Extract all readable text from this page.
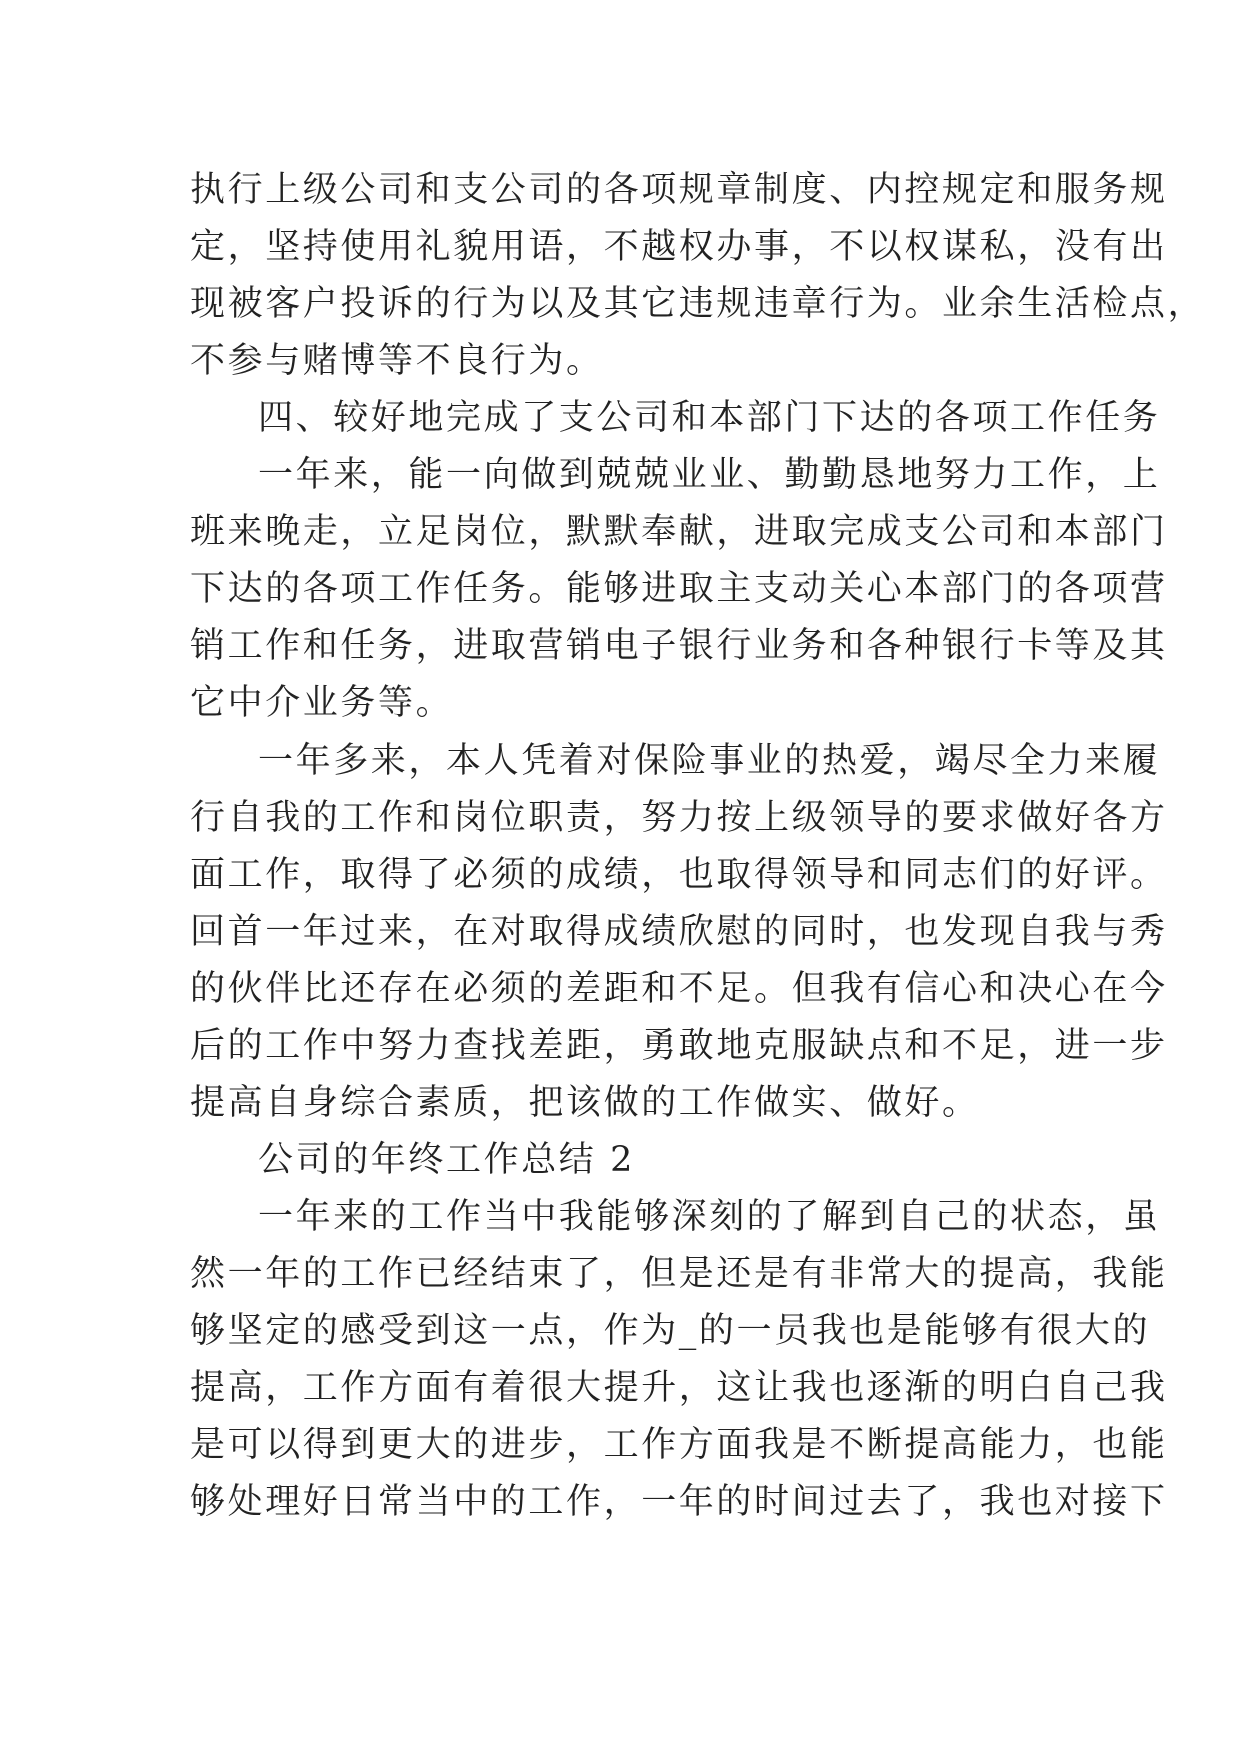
执行上级公司和支公司的各项规章制度、内控规定和服务规
定，坚持使用礼貌用语，不越权办事，不以权谋私，没有出
现被客户投诉的行为以及其它违规违章行为。业余生活检点，
不参与赌博等不良行为。
四、较好地完成了支公司和本部门下达的各项工作任务
一年来，能一向做到兢兢业业、勤勤恳地努力工作，上
班来晚走，立足岗位，默默奉献，进取完成支公司和本部门
下达的各项工作任务。能够进取主支动关心本部门的各项营
销工作和任务，进取营销电子银行业务和各种银行卡等及其
它中介业务等。
一年多来，本人凭着对保险事业的热爱，竭尽全力来履
行自我的工作和岗位职责，努力按上级领导的要求做好各方
面工作，取得了必须的成绩，也取得领导和同志们的好评。
回首一年过来，在对取得成绩欣慰的同时，也发现自我与秀
的伙伴比还存在必须的差距和不足。但我有信心和决心在今
后的工作中努力查找差距，勇敢地克服缺点和不足，进一步
提高自身综合素质，把该做的工作做实、做好。
公司的年终工作总结 2
一年来的工作当中我能够深刻的了解到自己的状态，虽
然一年的工作已经结束了，但是还是有非常大的提高，我能
够坚定的感受到这一点，作为_的一员我也是能够有很大的
提高，工作方面有着很大提升，这让我也逐渐的明白自己我
是可以得到更大的进步，工作方面我是不断提高能力，也能
够处理好日常当中的工作，一年的时间过去了，我也对接下
